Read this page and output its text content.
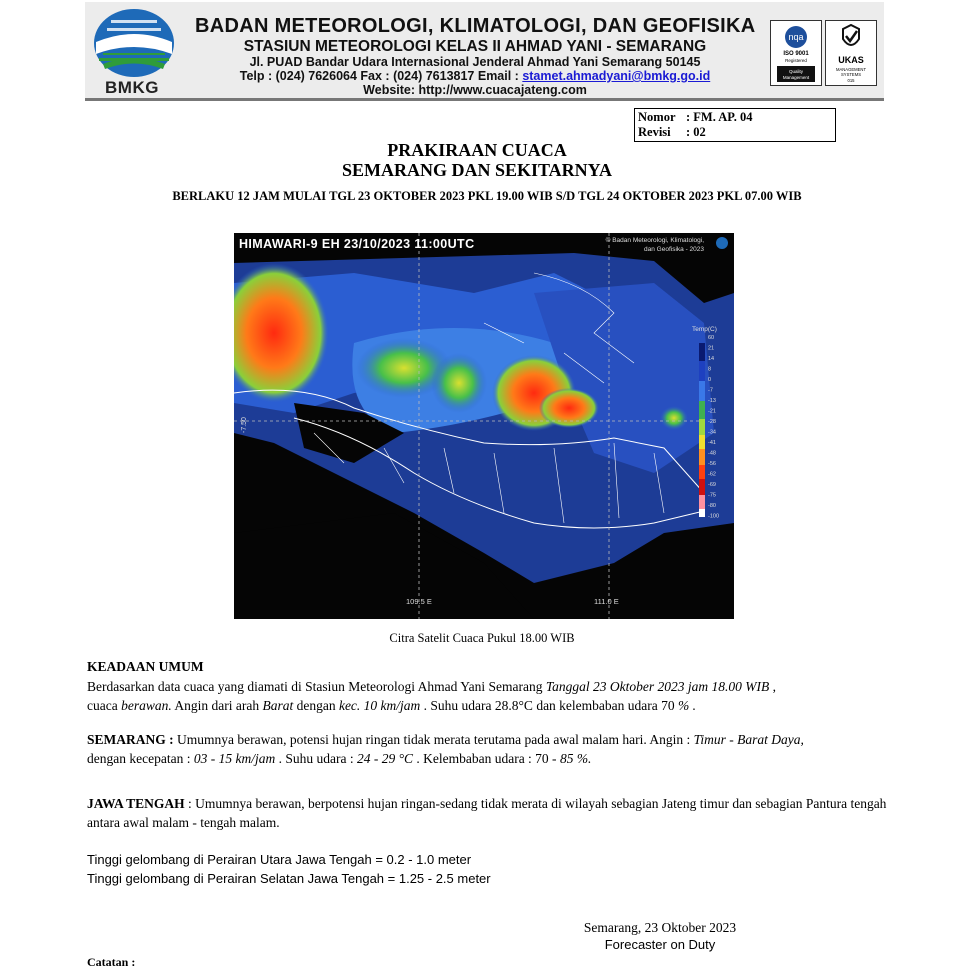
BMKG
BADAN METEOROLOGI, KLIMATOLOGI, DAN GEOFISIKA
STASIUN METEOROLOGI KELAS II AHMAD YANI - SEMARANG
Jl. PUAD Bandar Udara Internasional Jenderal Ahmad Yani Semarang 50145
Telp : (024) 7626064 Fax : (024) 7613817 Email : stamet.ahmadyani@bmkg.go.id
Website: http://www.cuacajateng.com
nqa
ISO 9001
Registered
Quality
Management
UKAS
MANAGEMENT
SYSTEMS
015
Nomor : FM. AP. 04
Revisi : 02
PRAKIRAAN CUACA
SEMARANG DAN SEKITARNYA
BERLAKU 12 JAM MULAI TGL 23 OKTOBER 2023 PKL 19.00 WIB S/D TGL 24 OKTOBER 2023 PKL 07.00 WIB
-7.50
Temp(C)
60
21
14
8
0
-7
-13
-21
-28
-34
-41
-48
-56
-62
-69
-75
-80
-100
HIMAWARI-9 EH 23/10/2023 11:00UTC	© Badan Meteorologi, Klimatologi,
dan Geofisika - 2023
109.5 E	111.0 E
Citra Satelit Cuaca Pukul 18.00 WIB
KEADAAN UMUM
Berdasarkan data cuaca yang diamati di Stasiun Meteorologi Ahmad Yani Semarang Tanggal 23 Oktober 2023 jam 18.00 WIB ,
cuaca berawan. Angin dari arah Barat dengan kec. 10 km/jam . Suhu udara 28.8°C dan kelembaban udara 70 % .
SEMARANG : Umumnya berawan, potensi hujan ringan tidak merata terutama pada awal malam hari. Angin : Timur - Barat Daya,
dengan kecepatan : 03 - 15 km/jam . Suhu udara : 24 - 29 °C . Kelembaban udara : 70 - 85 %.
JAWA TENGAH : Umumnya berawan, berpotensi hujan ringan-sedang tidak merata di wilayah sebagian Jateng timur dan sebagian Pantura tengah antara awal malam - tengah malam.
Tinggi gelombang di Perairan Utara Jawa Tengah = 0.2 - 1.0 meter
Tinggi gelombang di Perairan Selatan Jawa Tengah = 1.25 - 2.5 meter
Semarang, 23 Oktober 2023
Forecaster on Duty
Catatan :
